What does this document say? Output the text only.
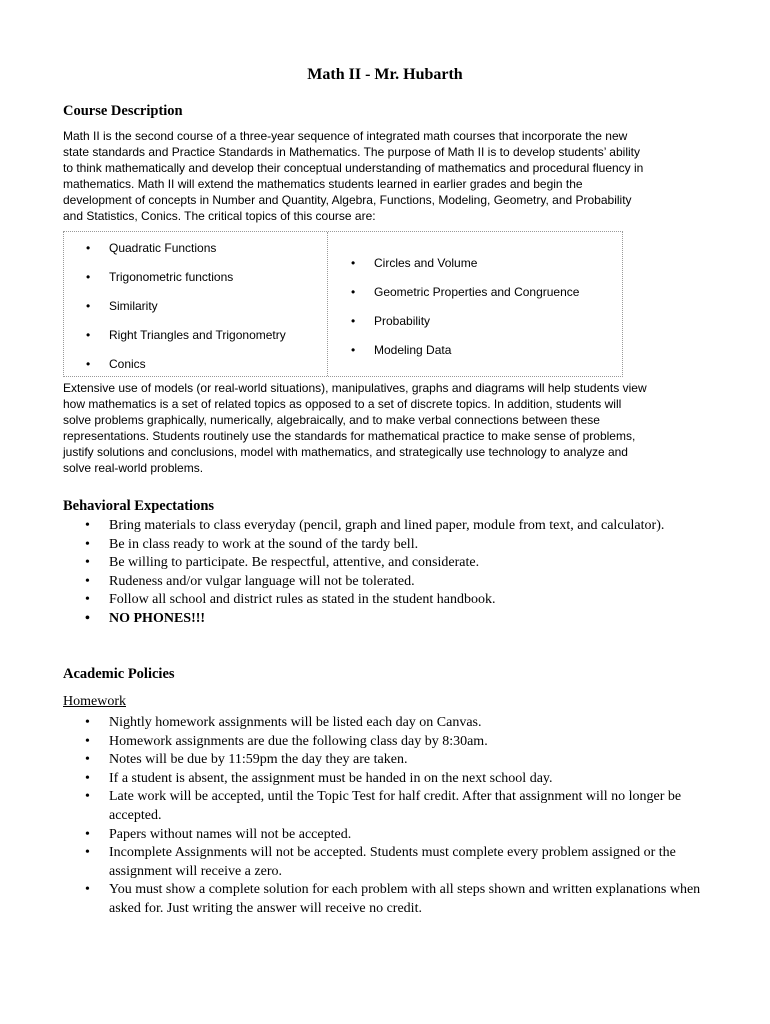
Math II - Mr. Hubarth
Course Description
Math II is the second course of a three-year sequence of integrated math courses that incorporate the new
state standards and Practice Standards in Mathematics. The purpose of Math II is to develop students’ ability
to think mathematically and develop their conceptual understanding of mathematics and procedural fluency in
mathematics. Math II will extend the mathematics students learned in earlier grades and begin the
development of concepts in Number and Quantity, Algebra, Functions, Modeling, Geometry, and Probability
and Statistics, Conics. The critical topics of this course are:
• Quadratic Functions
• Trigonometric functions
• Similarity
• Right Triangles and Trigonometry
• Conics
• Circles and Volume
• Geometric Properties and Congruence
• Probability
• Modeling Data
Extensive use of models (or real-world situations), manipulatives, graphs and diagrams will help students view
how mathematics is a set of related topics as opposed to a set of discrete topics. In addition, students will
solve problems graphically, numerically, algebraically, and to make verbal connections between these
representations. Students routinely use the standards for mathematical practice to make sense of problems,
justify solutions and conclusions, model with mathematics, and strategically use technology to analyze and
solve real-world problems.
Behavioral Expectations
• Bring materials to class everyday (pencil, graph and lined paper, module from text, and calculator).
• Be in class ready to work at the sound of the tardy bell.
• Be willing to participate. Be respectful, attentive, and considerate.
• Rudeness and/or vulgar language will not be tolerated.
• Follow all school and district rules as stated in the student handbook.
• NO PHONES!!!
Academic Policies
Homework
• Nightly homework assignments will be listed each day on Canvas.
• Homework assignments are due the following class day by 8:30am.
• Notes will be due by 11:59pm the day they are taken.
• If a student is absent, the assignment must be handed in on the next school day.
• Late work will be accepted, until the Topic Test for half credit. After that assignment will no longer be accepted.
• Papers without names will not be accepted.
• Incomplete Assignments will not be accepted. Students must complete every problem assigned or the assignment will receive a zero.
• You must show a complete solution for each problem with all steps shown and written explanations when asked for. Just writing the answer will receive no credit.
